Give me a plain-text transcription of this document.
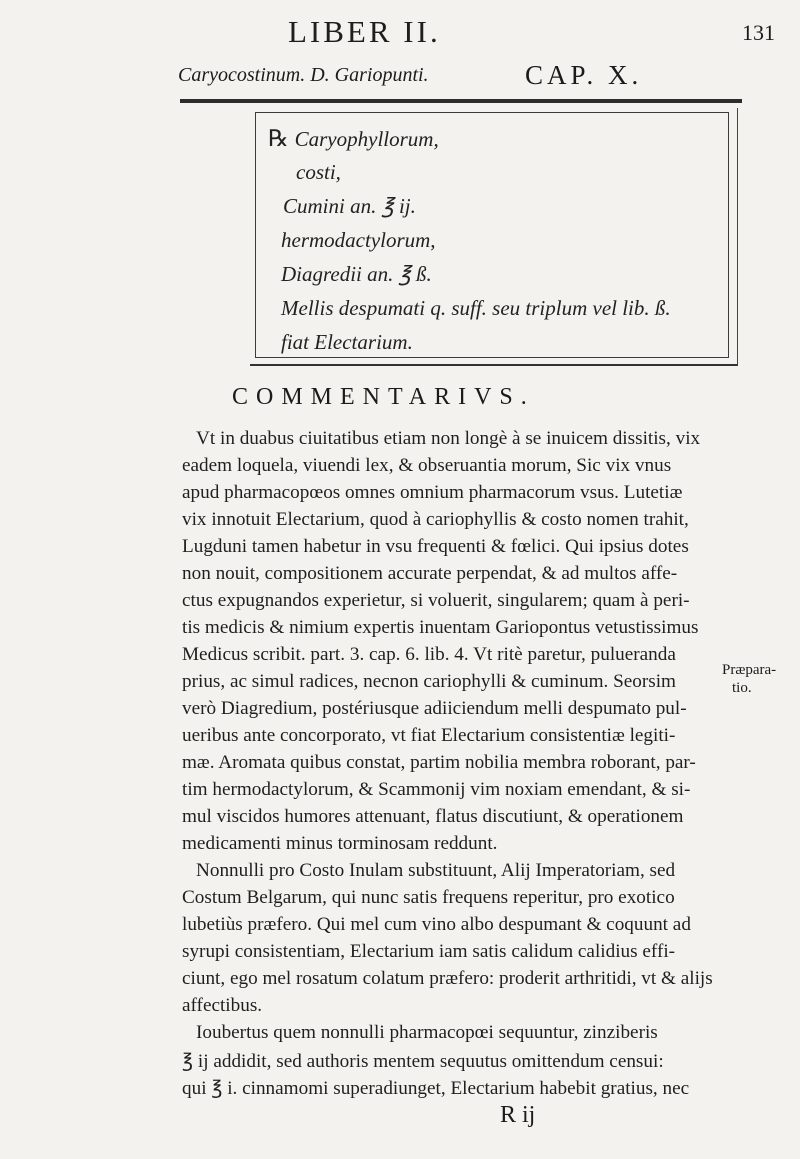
LIBER II.	131
Caryocostinum. D. Gariopunti.	CAP. X.
℞ Caryophyllorum,
costi,
Cumini an. ℥ ij.
hermodactylorum,
Diagredii an. ℥ ß.
Mellis despumati q. suff. seu triplum vel lib. ß.
fiat Electarium.
COMMENTARIVS.
Vt in duabus ciuitatibus etiam non longè à se inuicem dissitis, vix
eadem loquela, viuendi lex, & obseruantia morum, Sic vix vnus
apud pharmacopœos omnes omnium pharmacorum vsus. Lutetiæ
vix innotuit Electarium, quod à cariophyllis & costo nomen trahit,
Lugduni tamen habetur in vsu frequenti & fœlici. Qui ipsius dotes
non nouit, compositionem accurate perpendat, & ad multos affe-
ctus expugnandos experietur, si voluerit, singularem; quam à peri-
tis medicis & nimium expertis inuentam Gariopontus vetustissimus
Medicus scribit. part. 3. cap. 6. lib. 4. Vt ritè paretur, pulueranda
prius, ac simul radices, necnon cariophylli & cuminum. Seorsim
verò Diagredium, postériusque adiiciendum melli despumato pul-
ueribus ante concorporato, vt fiat Electarium consistentiæ legiti-
mæ. Aromata quibus constat, partim nobilia membra roborant, par-
tim hermodactylorum, & Scammonij vim noxiam emendant, & si-
mul viscidos humores attenuant, flatus discutiunt, & operationem
medicamenti minus torminosam reddunt.
Nonnulli pro Costo Inulam substituunt, Alij Imperatoriam, sed
Costum Belgarum, qui nunc satis frequens reperitur, pro exotico
lubetiùs præfero. Qui mel cum vino albo despumant & coquunt ad
syrupi consistentiam, Electarium iam satis calidum calidius effi-
ciunt, ego mel rosatum colatum præfero: proderit arthritidi, vt & alijs
affectibus.
Ioubertus quem nonnulli pharmacopœi sequuntur, zinziberis
℥ ij addidit, sed authoris mentem sequutus omittendum censui:
qui ℥ i. cinnamomi superadiunget, Electarium habebit gratius, nec
Præpara-
tio.
R ij
